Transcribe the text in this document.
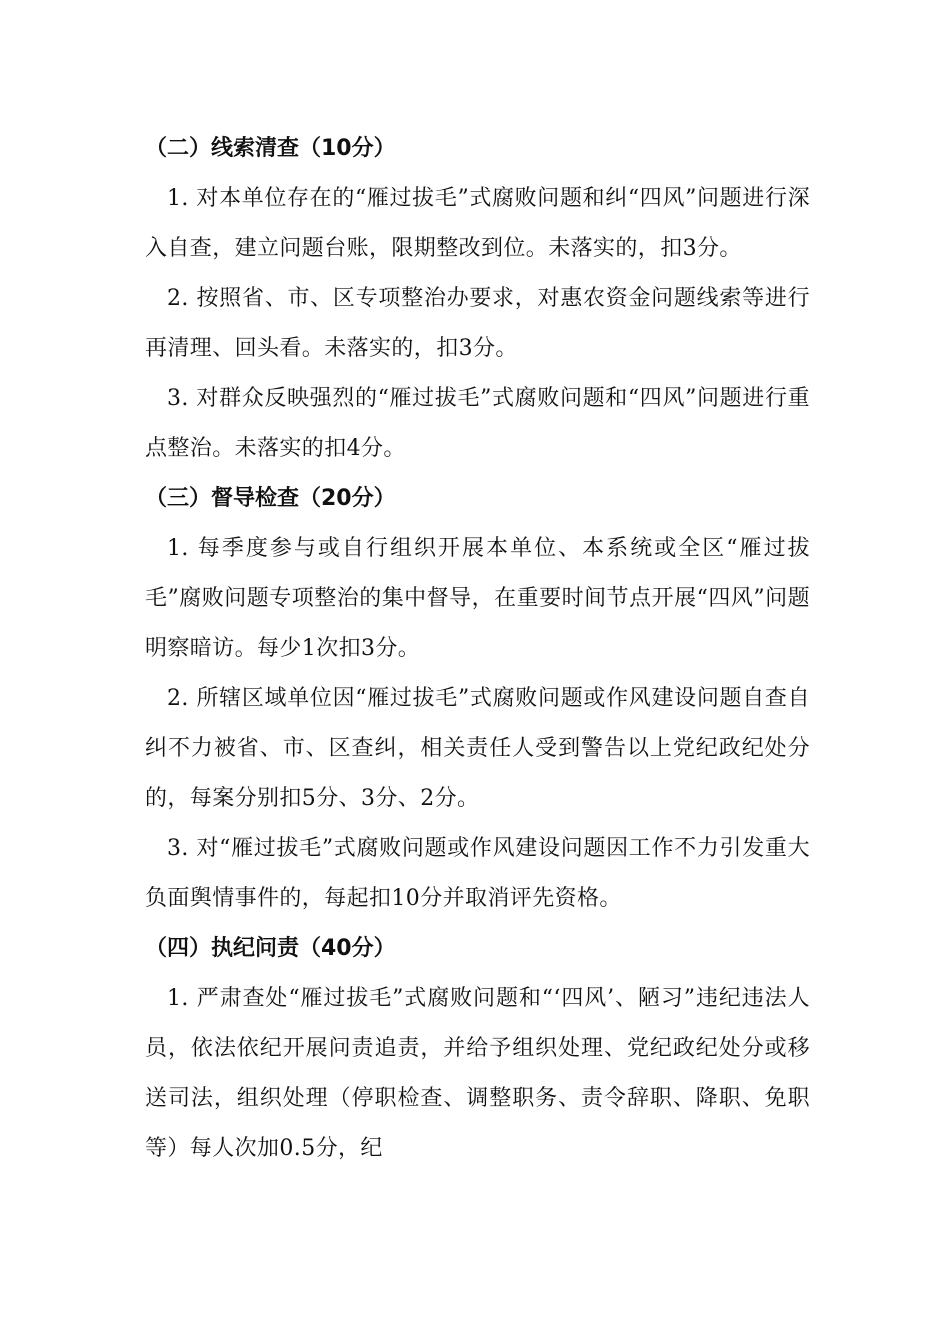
（二）线索清查（10分）

1. 对本单位存在的“雁过拔毛”式腐败问题和纠“四风”问题进行深入自查，建立问题台账，限期整改到位。未落实的，扣3分。

2. 按照省、市、区专项整治办要求，对惠农资金问题线索等进行再清理、回头看。未落实的，扣3分。

3. 对群众反映强烈的“雁过拔毛”式腐败问题和“四风”问题进行重点整治。未落实的扣4分。

（三）督导检查（20分）

1. 每季度参与或自行组织开展本单位、本系统或全区“雁过拔毛”腐败问题专项整治的集中督导，在重要时间节点开展“四风”问题明察暗访。每少1次扣3分。

2. 所辖区域单位因“雁过拔毛”式腐败问题或作风建设问题自查自纠不力被省、市、区查纠，相关责任人受到警告以上党纪政纪处分的，每案分别扣5分、3分、2分。

3. 对“雁过拔毛”式腐败问题或作风建设问题因工作不力引发重大负面舆情事件的，每起扣10分并取消评先资格。

（四）执纪问责（40分）

1. 严肃查处“雁过拔毛”式腐败问题和“‘四风’、陋习”违纪违法人员，依法依纪开展问责追责，并给予组织处理、党纪政纪处分或移送司法，组织处理（停职检查、调整职务、责令辞职、降职、免职等）每人次加0.5分，纪
